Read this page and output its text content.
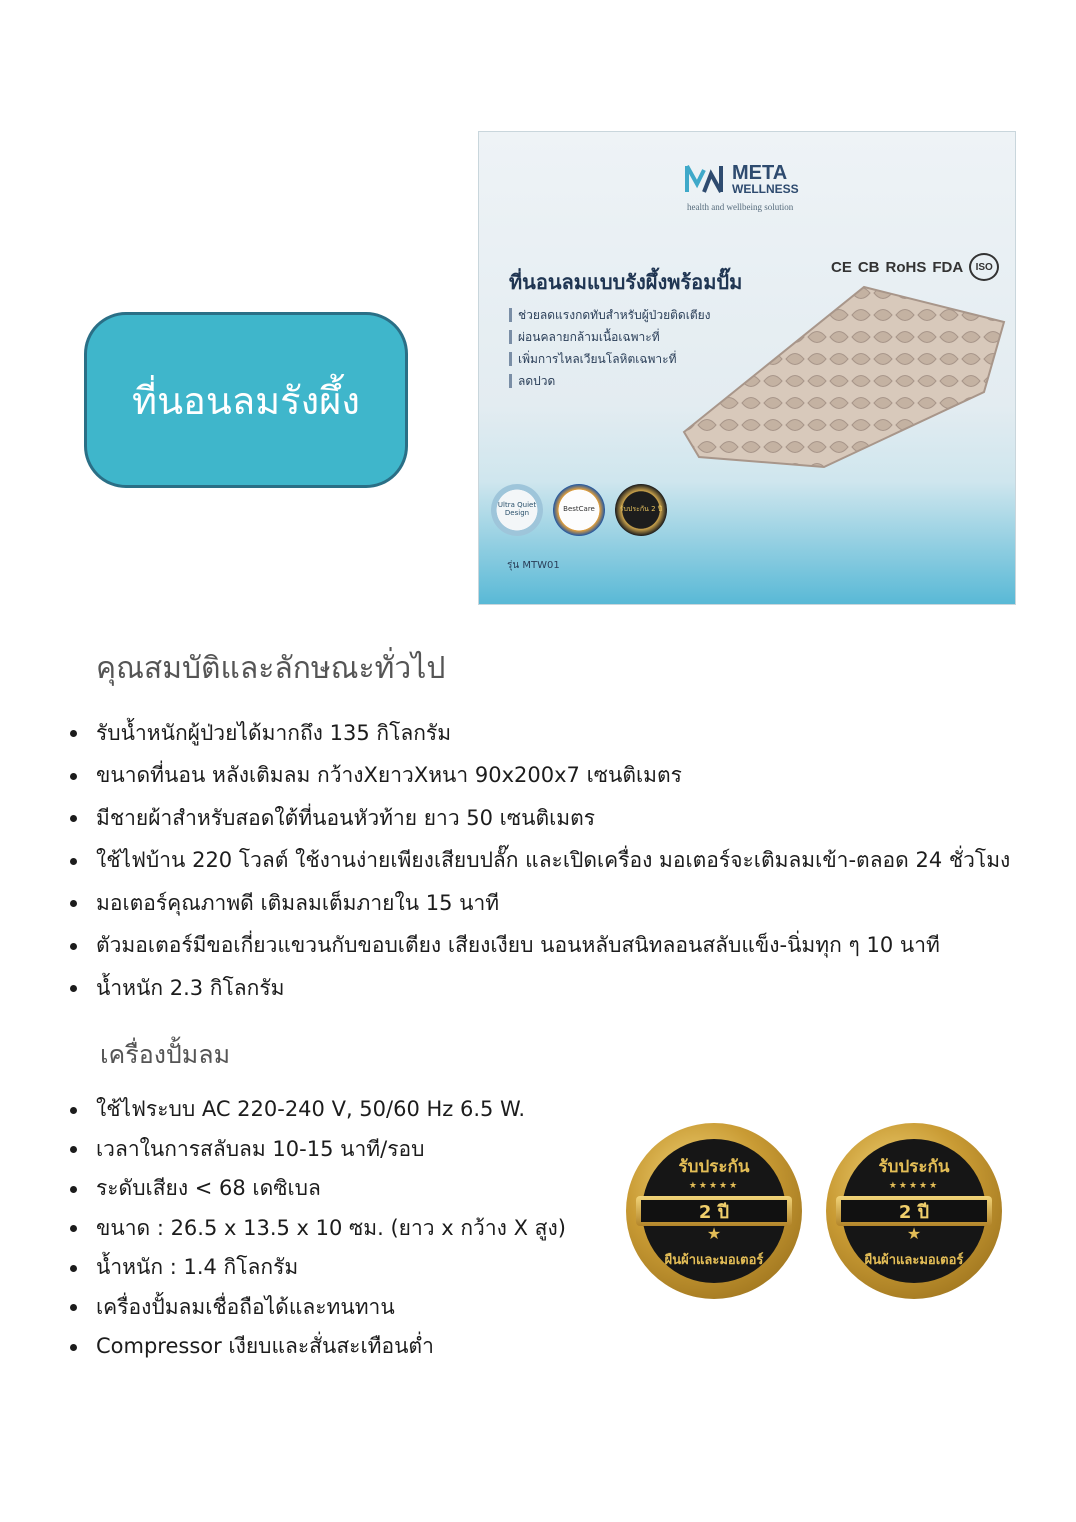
ที่นอนลมรังผึ้ง
META
WELLNESS
health and wellbeing solution
CE CB RoHS FDA	ISO
ที่นอนลมแบบรังผึ้งพร้อมปั๊ม
ช่วยลดแรงกดทับสำหรับผู้ป่วยติดเตียง
ผ่อนคลายกล้ามเนื้อเฉพาะที่
เพิ่มการไหลเวียนโลหิตเฉพาะที่
ลดปวด
Ultra Quiet Design	BestCare	รับประกัน 2 ปี
รุ่น MTW01
คุณสมบัติและลักษณะทั่วไป
รับน้ำหนักผู้ป่วยได้มากถึง 135 กิโลกรัม
ขนาดที่นอน หลังเติมลม กว้างXยาวXหนา 90x200x7 เซนติเมตร
มีชายผ้าสำหรับสอดใต้ที่นอนหัวท้าย ยาว 50 เซนติเมตร
ใช้ไฟบ้าน 220 โวลต์ ใช้งานง่ายเพียงเสียบปลั๊ก และเปิดเครื่อง มอเตอร์จะเติมลมเข้า-ตลอด 24 ชั่วโมง
มอเตอร์คุณภาพดี เติมลมเต็มภายใน 15 นาที
ตัวมอเตอร์มีขอเกี่ยวแขวนกับขอบเตียง เสียงเงียบ นอนหลับสนิทลอนสลับแข็ง-นิ่มทุก ๆ 10 นาที
น้ำหนัก 2.3 กิโลกรัม
เครื่องปั้มลม
ใช้ไฟระบบ AC 220-240 V, 50/60 Hz 6.5 W.
เวลาในการสลับลม 10-15 นาที/รอบ
ระดับเสียง < 68 เดซิเบล
ขนาด : 26.5 x 13.5 x 10 ซม. (ยาว x กว้าง X สูง)
น้ำหนัก : 1.4 กิโลกรัม
เครื่องปั้มลมเชื่อถือได้และทนทาน
Compressor เงียบและสั่นสะเทือนต่ำ
รับประกัน
★★★★★
2 ปี
★
ผืนผ้าและมอเตอร์
รับประกัน
★★★★★
2 ปี
★
ผืนผ้าและมอเตอร์
